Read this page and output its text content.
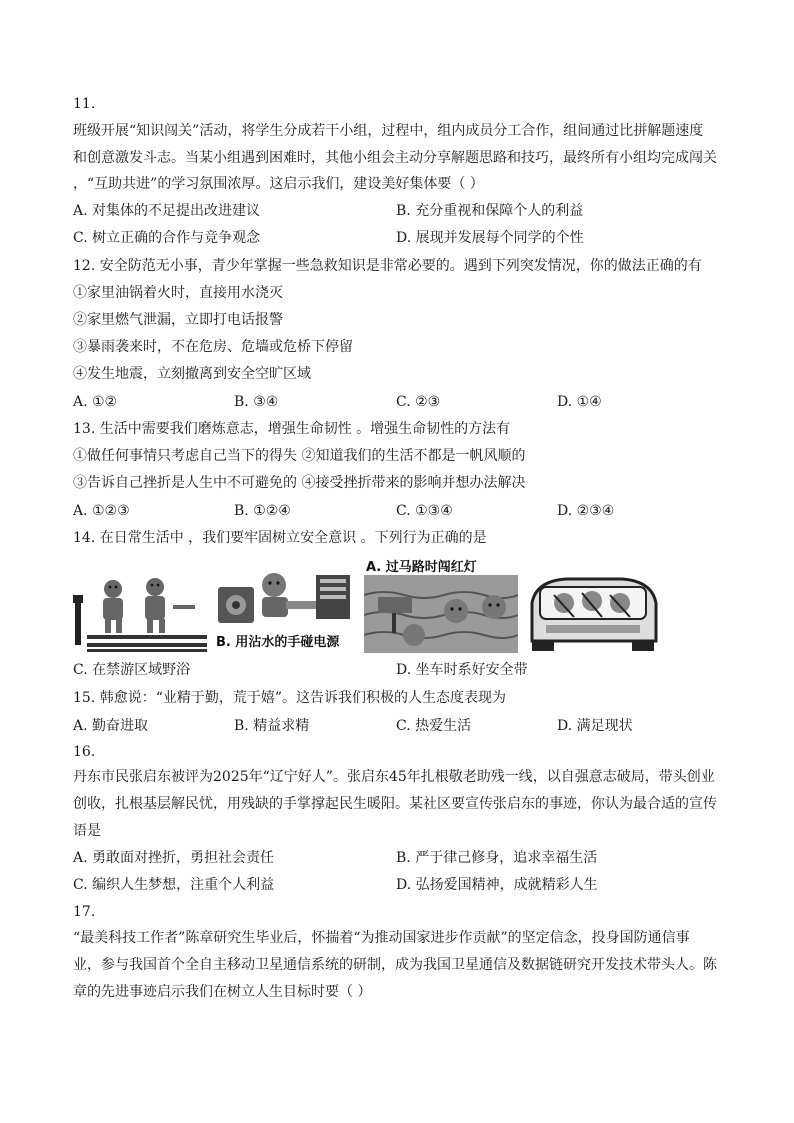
11.
班级开展“知识闯关”活动，将学生分成若干小组，过程中，组内成员分工合作，组间通过比拼解题速度
和创意激发斗志。当某小组遇到困难时，其他小组会主动分享解题思路和技巧，最终所有小组均完成闯关
，“互助共进”的学习氛围浓厚。这启示我们，建设美好集体要（ ）
A. 对集体的不足提出改进建议	B. 充分重视和保障个人的利益
C. 树立正确的合作与竞争观念	D. 展现并发展每个同学的个性
12. 安全防范无小事，青少年掌握一些急救知识是非常必要的。遇到下列突发情况，你的做法正确的有
①家里油锅着火时，直接用水浇灭
②家里燃气泄漏，立即打电话报警
③暴雨袭来时，不在危房、危墙或危桥下停留
④发生地震，立刻撤离到安全空旷区域
A. ①②	B. ③④	C. ②③	D. ①④
13. 生活中需要我们磨炼意志，增强生命韧性 。增强生命韧性的方法有
①做任何事情只考虑自己当下的得失 ②知道我们的生活不都是一帆风顺的
③告诉自己挫折是人生中不可避免的 ④接受挫折带来的影响并想办法解决
A. ①②③	B. ①②④	C. ①③④	D. ②③④
14. 在日常生活中 ，我们要牢固树立安全意识 。下列行为正确的是
B. 用沾水的手碰电源
A. 过马路时闯红灯
C. 在禁游区域野浴	D. 坐车时系好安全带
15. 韩愈说：“业精于勤，荒于嬉”。这告诉我们积极的人生态度表现为
A. 勤奋进取	B. 精益求精	C. 热爱生活	D. 满足现状
16.
丹东市民张启东被评为2025年“辽宁好人”。张启东45年扎根敬老助残一线，以自强意志破局，带头创业
创收，扎根基层解民忧，用残缺的手掌撑起民生暖阳。某社区要宣传张启东的事迹，你认为最合适的宣传
语是
A. 勇敢面对挫折，勇担社会责任	B. 严于律己修身，追求幸福生活
C. 编织人生梦想，注重个人利益	D. 弘扬爱国精神，成就精彩人生
17.
“最美科技工作者”陈章研究生毕业后，怀揣着“为推动国家进步作贡献”的坚定信念，投身国防通信事
业，参与我国首个全自主移动卫星通信系统的研制，成为我国卫星通信及数据链研究开发技术带头人。陈
章的先进事迹启示我们在树立人生目标时要（ ）
